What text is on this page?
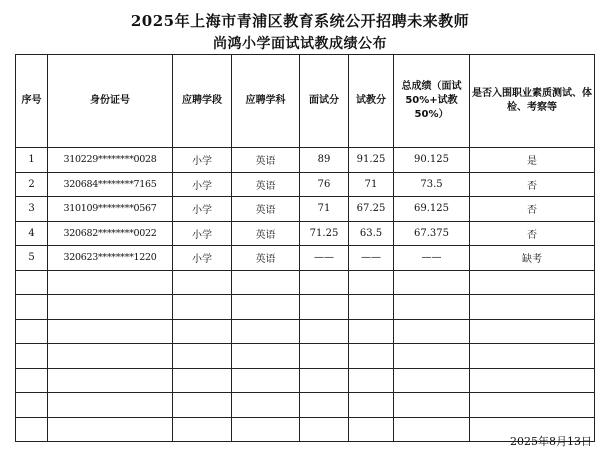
2025年上海市青浦区教育系统公开招聘未来教师
尚鸿小学面试试教成绩公布
序号	身份证号	应聘学段	应聘学科	面试分	试教分	总成绩（面试50%+试教50%）	是否入围职业素质测试、体检、考察等
1	310229********0028	小学	英语	89	91.25	90.125	是
2	320684********7165	小学	英语	76	71	73.5	否
3	310109********0567	小学	英语	71	67.25	69.125	否
4	320682********0022	小学	英语	71.25	63.5	67.375	否
5	320623********1220	小学	英语	——	——	——	缺考

2025年8月13日
